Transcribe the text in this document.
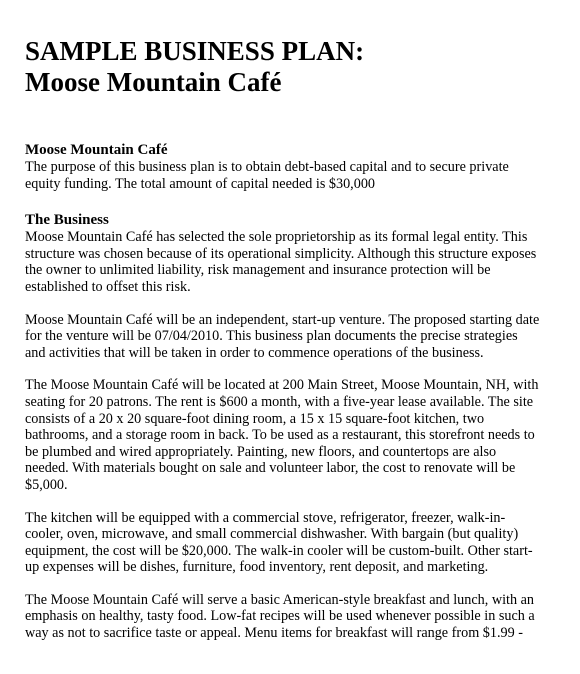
SAMPLE BUSINESS PLAN:
Moose Mountain Café
Moose Mountain Café

The purpose of this business plan is to obtain debt-based capital and to secure private
equity funding. The total amount of capital needed is $30,000

The Business

Moose Mountain Café has selected the sole proprietorship as its formal legal entity. This
structure was chosen because of its operational simplicity. Although this structure exposes
the owner to unlimited liability, risk management and insurance protection will be
established to offset this risk.

Moose Mountain Café will be an independent, start-up venture. The proposed starting date
for the venture will be 07/04/2010. This business plan documents the precise strategies
and activities that will be taken in order to commence operations of the business.

The Moose Mountain Café will be located at 200 Main Street, Moose Mountain, NH, with
seating for 20 patrons. The rent is $600 a month, with a five-year lease available. The site
consists of a 20 x 20 square-foot dining room, a 15 x 15 square-foot kitchen, two
bathrooms, and a storage room in back. To be used as a restaurant, this storefront needs to
be plumbed and wired appropriately. Painting, new floors, and countertops are also
needed. With materials bought on sale and volunteer labor, the cost to renovate will be
$5,000.

The kitchen will be equipped with a commercial stove, refrigerator, freezer, walk-in-
cooler, oven, microwave, and small commercial dishwasher. With bargain (but quality)
equipment, the cost will be $20,000. The walk-in cooler will be custom-built. Other start-
up expenses will be dishes, furniture, food inventory, rent deposit, and marketing.

The Moose Mountain Café will serve a basic American-style breakfast and lunch, with an
emphasis on healthy, tasty food. Low-fat recipes will be used whenever possible in such a
way as not to sacrifice taste or appeal. Menu items for breakfast will range from $1.99 -
